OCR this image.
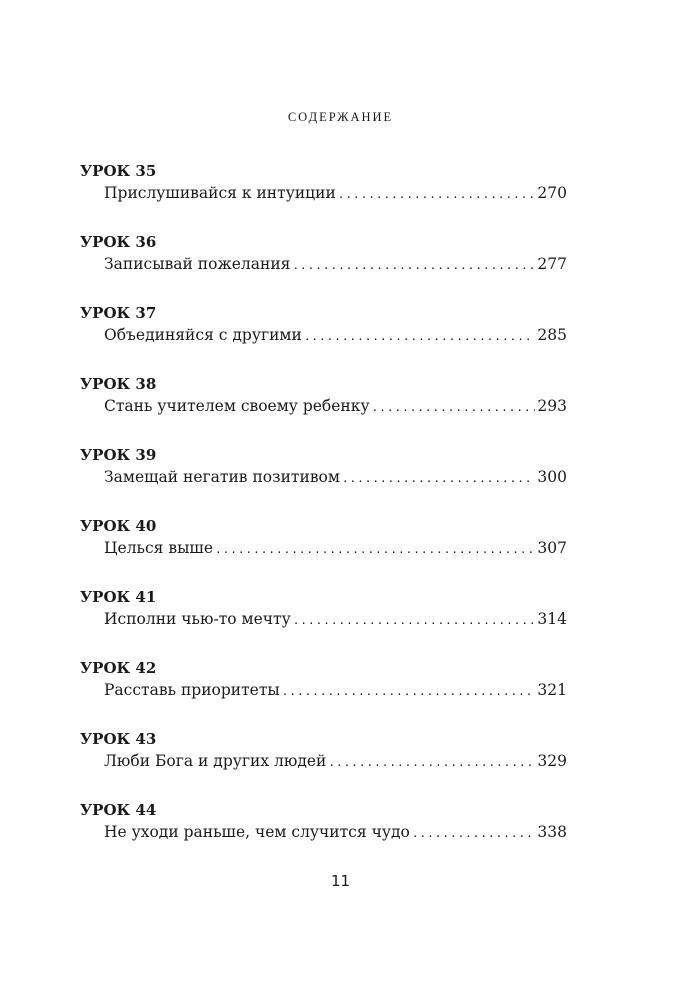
СОДЕРЖАНИЕ
УРОК 35
Прислушивайся к интуиции .....	270
УРОК 36
Записывай пожелания .....	277
УРОК 37
Объединяйся с другими .....	285
УРОК 38
Стань учителем своему ребенку .....	293
УРОК 39
Замещай негатив позитивом .....	300
УРОК 40
Целься выше .....	307
УРОК 41
Исполни чью-то мечту .....	314
УРОК 42
Расставь приоритеты .....	321
УРОК 43
Люби Бога и других людей .....	329
УРОК 44
Не уходи раньше, чем случится чудо .....	338
11
